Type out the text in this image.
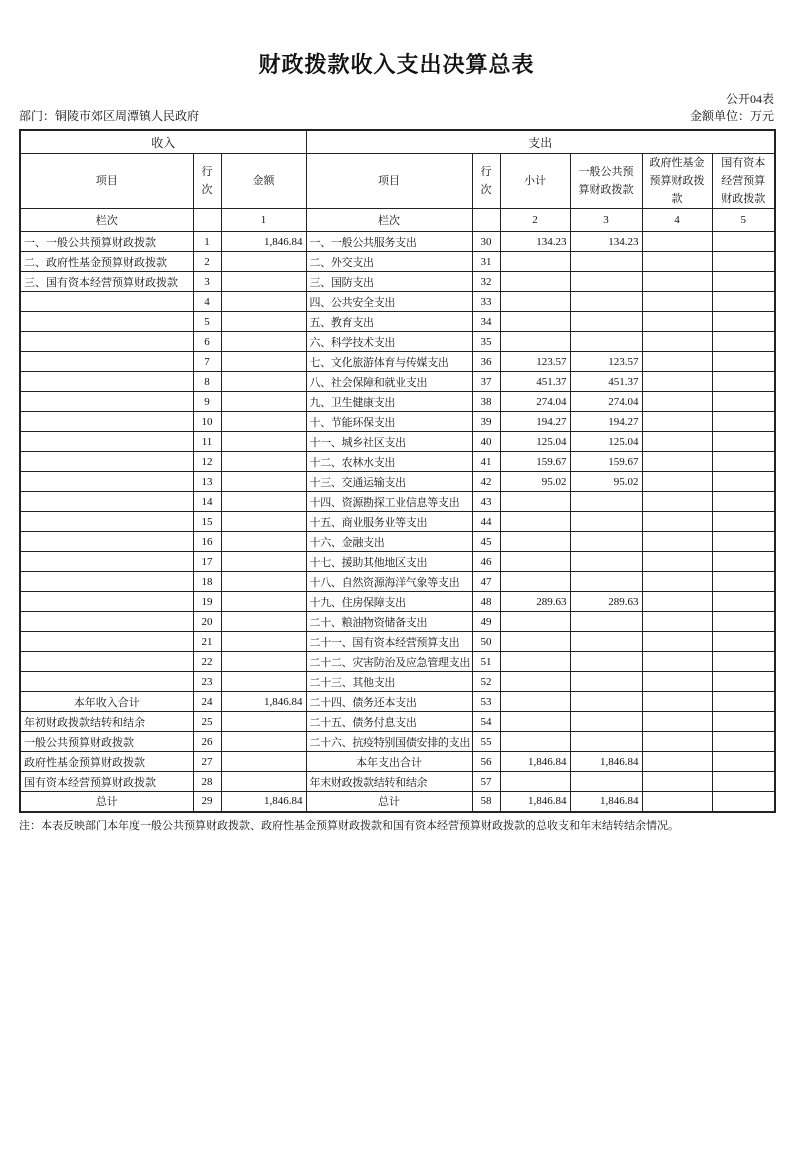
财政拨款收入支出决算总表
公开04表
部门：铜陵市郊区周潭镇人民政府	金额单位：万元
收入			支出					
项目	行次	金额	项目	行次	小计	一般公共预算财政拨款	政府性基金预算财政拨款	国有资本经营预算财政拨款
栏次		1	栏次		2	3	4	5
一、一般公共预算财政拨款	1	1,846.84	一、一般公共服务支出	30	134.23	134.23		
二、政府性基金预算财政拨款	2		二、外交支出	31				
三、国有资本经营预算财政拨款	3		三、国防支出	32				
	4		四、公共安全支出	33				
	5		五、教育支出	34				
	6		六、科学技术支出	35				
	7		七、文化旅游体育与传媒支出	36	123.57	123.57		
	8		八、社会保障和就业支出	37	451.37	451.37		
	9		九、卫生健康支出	38	274.04	274.04		
	10		十、节能环保支出	39	194.27	194.27		
	11		十一、城乡社区支出	40	125.04	125.04		
	12		十二、农林水支出	41	159.67	159.67		
	13		十三、交通运输支出	42	95.02	95.02		
	14		十四、资源勘探工业信息等支出	43				
	15		十五、商业服务业等支出	44				
	16		十六、金融支出	45				
	17		十七、援助其他地区支出	46				
	18		十八、自然资源海洋气象等支出	47				
	19		十九、住房保障支出	48	289.63	289.63		
	20		二十、粮油物资储备支出	49				
	21		二十一、国有资本经营预算支出	50				
	22		二十二、灾害防治及应急管理支出	51				
	23		二十三、其他支出	52				
本年收入合计	24	1,846.84	二十四、债务还本支出	53				
年初财政拨款结转和结余	25		二十五、债务付息支出	54				
一般公共预算财政拨款	26		二十六、抗疫特别国债安排的支出	55				
政府性基金预算财政拨款	27		本年支出合计	56	1,846.84	1,846.84		
国有资本经营预算财政拨款	28		年末财政拨款结转和结余	57				
总计	29	1,846.84	总计	58	1,846.84	1,846.84		
注：本表反映部门本年度一般公共预算财政拨款、政府性基金预算财政拨款和国有资本经营预算财政拨款的总收支和年末结转结余情况。
